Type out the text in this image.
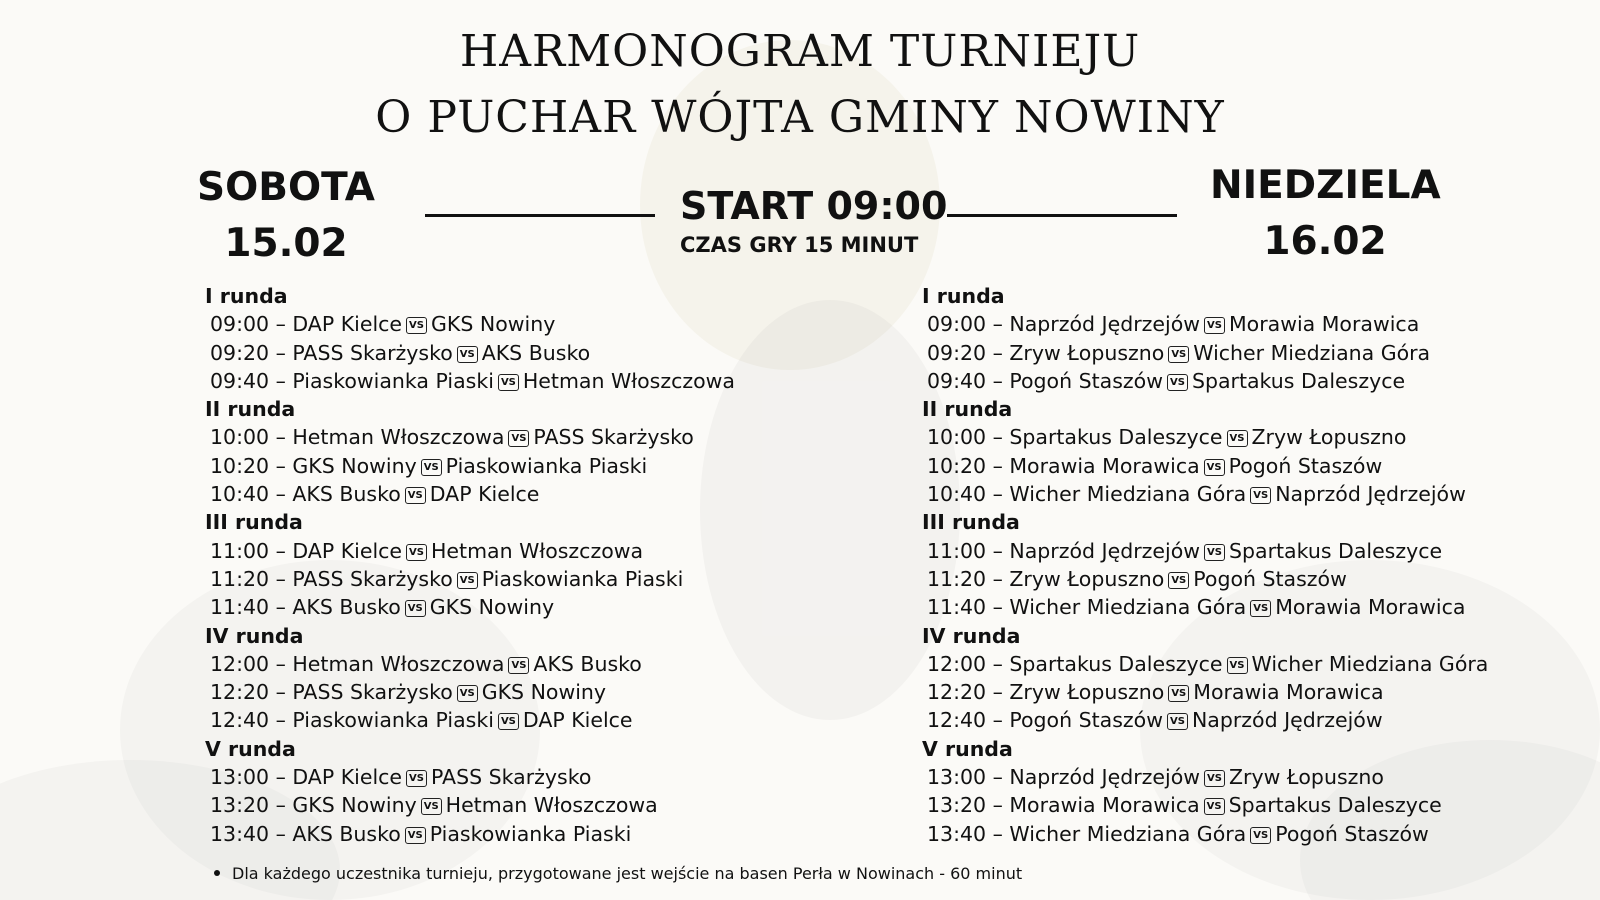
HARMONOGRAM TURNIEJU
O PUCHAR WÓJTA GMINY NOWINY
SOBOTA
15.02
NIEDZIELA
16.02
START 09:00
CZAS GRY 15 MINUT
I runda
09:00 – DAP Kielce VS GKS Nowiny
09:20 – PASS Skarżysko VS AKS Busko
09:40 – Piaskowianka Piaski VS Hetman Włoszczowa
II runda
10:00 – Hetman Włoszczowa VS PASS Skarżysko
10:20 – GKS Nowiny VS Piaskowianka Piaski
10:40 – AKS Busko VS DAP Kielce
III runda
11:00 – DAP Kielce VS Hetman Włoszczowa
11:20 – PASS Skarżysko VS Piaskowianka Piaski
11:40 – AKS Busko VS GKS Nowiny
IV runda
12:00 – Hetman Włoszczowa VS AKS Busko
12:20 – PASS Skarżysko VS GKS Nowiny
12:40 – Piaskowianka Piaski VS DAP Kielce
V runda
13:00 – DAP Kielce VS PASS Skarżysko
13:20 – GKS Nowiny VS Hetman Włoszczowa
13:40 – AKS Busko VS Piaskowianka Piaski
I runda
09:00 – Naprzód Jędrzejów VS Morawia Morawica
09:20 – Zryw Łopuszno VS Wicher Miedziana Góra
09:40 – Pogoń Staszów VS Spartakus Daleszyce
II runda
10:00 – Spartakus Daleszyce VS Zryw Łopuszno
10:20 – Morawia Morawica VS Pogoń Staszów
10:40 – Wicher Miedziana Góra VS Naprzód Jędrzejów
III runda
11:00 – Naprzód Jędrzejów VS Spartakus Daleszyce
11:20 – Zryw Łopuszno VS Pogoń Staszów
11:40 – Wicher Miedziana Góra VS Morawia Morawica
IV runda
12:00 – Spartakus Daleszyce VS Wicher Miedziana Góra
12:20 – Zryw Łopuszno VS Morawia Morawica
12:40 – Pogoń Staszów VS Naprzód Jędrzejów
V runda
13:00 – Naprzód Jędrzejów VS Zryw Łopuszno
13:20 – Morawia Morawica VS Spartakus Daleszyce
13:40 – Wicher Miedziana Góra VS Pogoń Staszów
Dla każdego uczestnika turnieju, przygotowane jest wejście na basen Perła w Nowinach - 60 minut
